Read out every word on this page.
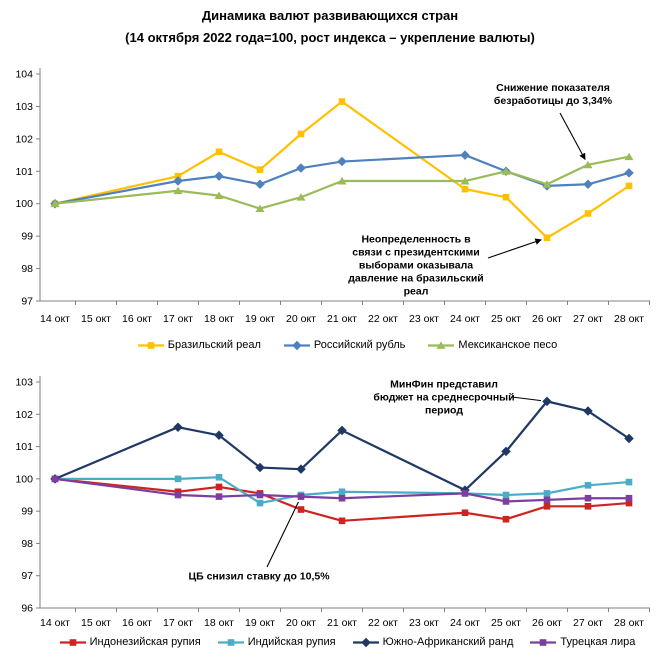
Динамика валют развивающихся стран
(14 октября 2022 года=100, рост индекса – укрепление валюты)
97
98
99
100
101
102
103
104
14 окт 15 окт 16 окт 17 окт 18 окт 19 окт 20 окт 21 окт 22 окт 23 окт 24 окт 25 окт 26 окт 27 окт 28 окт
96
97
98
99
100
101
102
103
14 окт 15 окт 16 окт 17 окт 18 окт 19 окт 20 окт 21 окт 22 окт 23 окт 24 окт 25 окт 26 окт 27 окт 28 окт
Бразильский реал	Российский рубль	Мексиканское песо
Индонезийская рупия	Индийская рупия	Южно-Африканский ранд	Турецкая лира
Снижение показателя
безработицы до 3,34%
Неопределенность в
связи с президентскими
выборами оказывала
давление на бразильский
реал
МинФин представил
бюджет на среднесрочный
период
ЦБ снизил ставку до 10,5%
